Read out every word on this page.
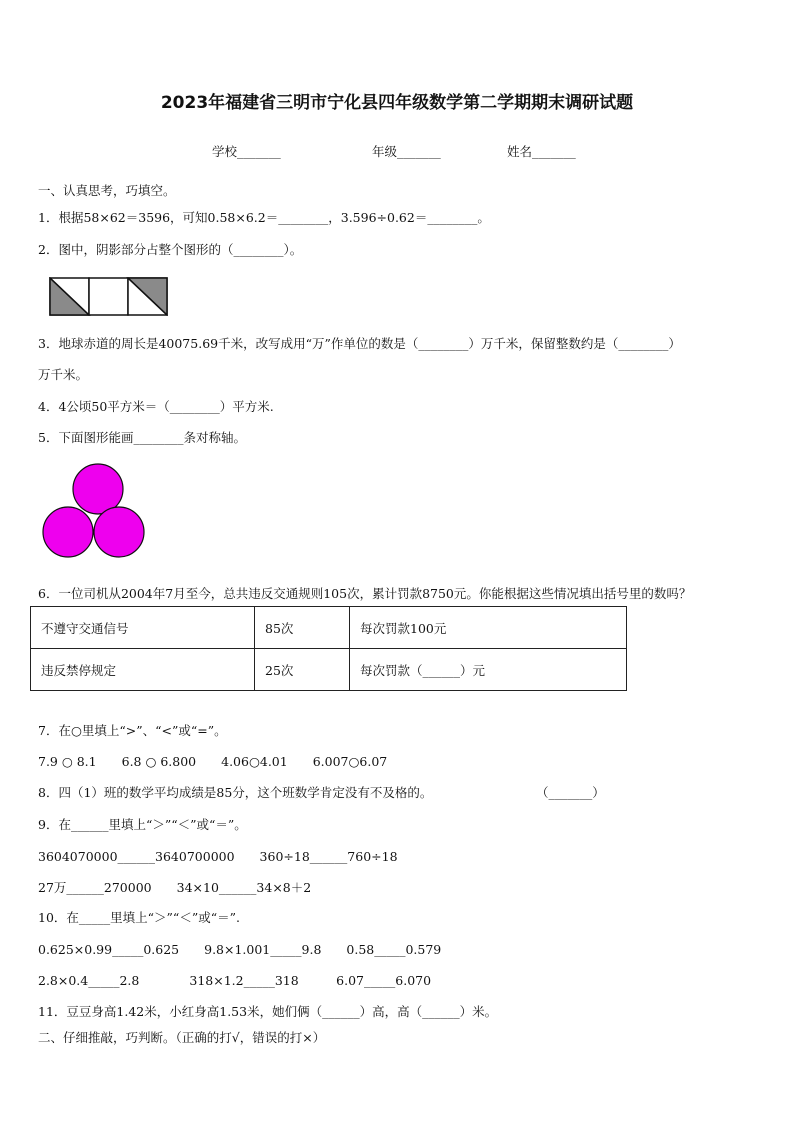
2023年福建省三明市宁化县四年级数学第二学期期末调研试题
学校_______	年级_______	姓名_______
一、认真思考，巧填空。
1．根据58×62＝3596，可知0.58×6.2＝________，3.596÷0.62＝________。
2．图中，阴影部分占整个图形的（________）。
3．地球赤道的周长是40075.69千米，改写成用“万”作单位的数是（________）万千米，保留整数约是（________）
万千米。
4．4公顷50平方米＝（________）平方米.
5．下面图形能画________条对称轴。
6．一位司机从2004年7月至今，总共违反交通规则105次，累计罚款8750元。你能根据这些情况填出括号里的数吗？
不遵守交通信号	85次	每次罚款100元
违反禁停规定	25次	每次罚款（______）元
7．在○里填上“>”、“<”或“=”。
7.9 ○ 8.1　　6.8 ○ 6.800　　4.06○4.01　　6.007○6.07
8．四（1）班的数学平均成绩是85分，这个班数学肯定没有不及格的。	（_______）
9．在______里填上“＞”“＜”或“＝”。
3604070000______3640700000　　360÷18______760÷18
27万______270000　　34×10______34×8＋2
10．在_____里填上“＞”“＜”或“＝”.
0.625×0.99_____0.625　　9.8×1.001_____9.8　　0.58_____0.579
2.8×0.4_____2.8　　　　318×1.2_____318　　　6.07_____6.070
11．豆豆身高1.42米，小红身高1.53米，她们俩（______）高，高（______）米。
二、仔细推敲，巧判断。（正确的打√，错误的打×）
